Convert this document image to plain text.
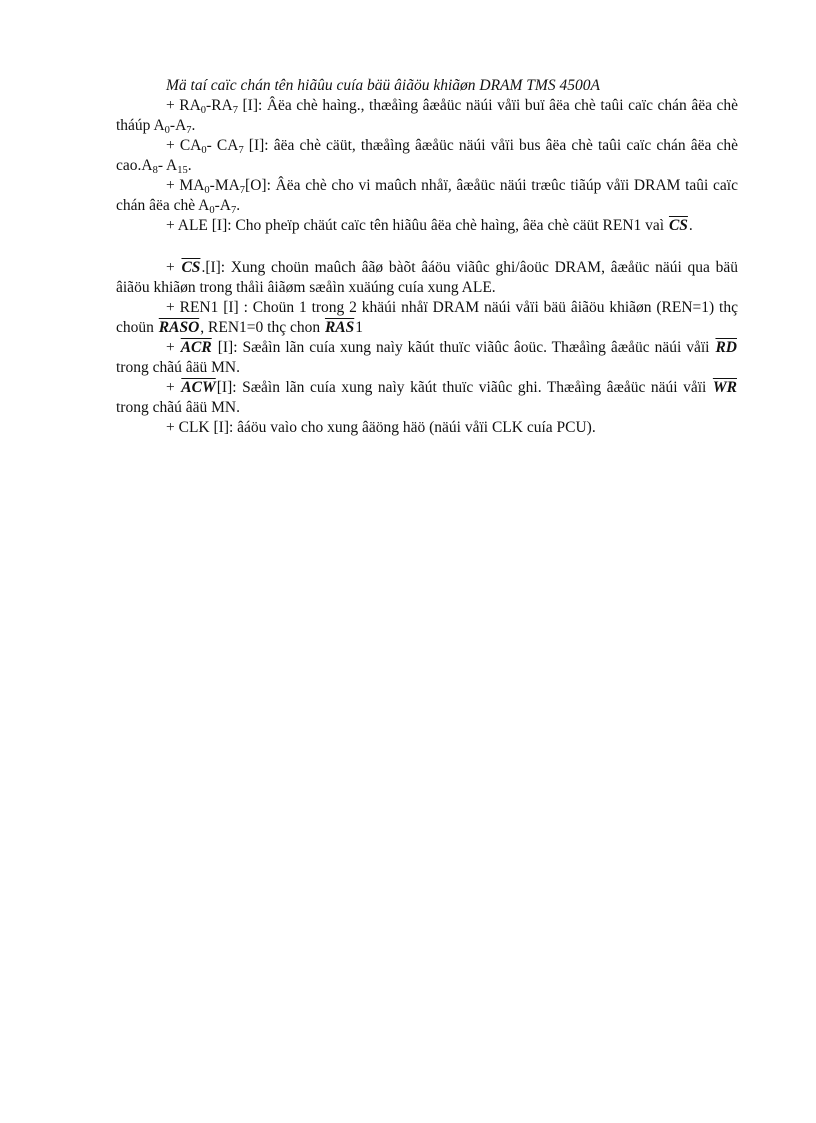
Mä taí caïc chán tên hiãûu cuía bäü âiãöu khiãøn DRAM TMS 4500A

+ $RA_0-RA_7$ [I]: Âëa chè haìng., thæåìng âæåüc näúi våïi buï âëa chè taûi caïc chán âëa chè tháúp $A_0-A_7$.

+ $CA_0-$ $CA_7$ [I]: âëa chè cäüt, thæåìng âæåüc näúi våïi bus âëa chè taûi caïc chán âëa chè $cao.A_8-$ $A_{15}$.

+ $MA_0-MA_7[O]$: Âëa chè cho vi maûch nhåï, âæåüc näúi træûc tiãúp våïi DRAM taûi caïc chán âëa chè $A_0-A_7$.

+ ALE [I]: Cho pheïp chäút caïc tên hiãûu âëa chè haìng, âëa chè cäüt REN1 vaì $\overline{CS}$.

+ $\overline{CS}.[I]$: Xung choün maûch âãø bàõt âáöu viãûc ghi/âoüc DRAM, âæåüc näúi qua bäü âiãöu khiãøn trong thåìi âiãøm sæåìn xuäúng cuía xung ALE.

+ REN1 [I] : Choün 1 trong 2 khäúi nhåï DRAM näúi våïi bäü âiãöu khiãøn (REN=1) thç choün RASO, REN1=0 thç chon $\overline{RAS}1$

+ $\overline{ACR}$ [I]: Sæåìn lãn cuía xung naìy kãút thuïc viãûc âoüc. Thæåìng âæåüc näúi våïi $\overline{RD}$ trong chãú âäü MN.

+ $\overline{ACW}[I]$: Sæåìn lãn cuía xung naìy kãút thuïc viãûc ghi. Thæåìng âæåüc näúi våïi $\overline{WR}$ trong chãú âäü MN.

+ CLK [I]: âáöu vaìo cho xung âäöng häö (näúi våïi CLK cuía PCU).
